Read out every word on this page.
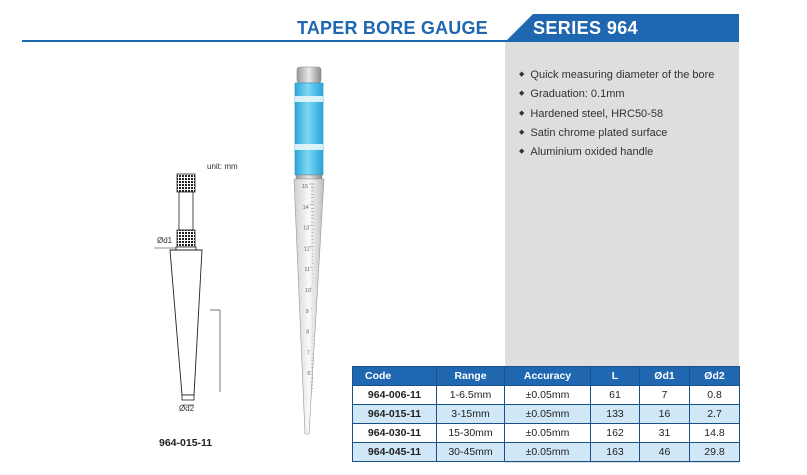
TAPER BORE GAUGE	SERIES 964
unit: mm
Ød1
Ød2
964-015-11
15
14
13
12
11
10
9
8
7
6
◆ Quick measuring diameter of the bore
◆ Graduation: 0.1mm
◆ Hardened steel, HRC50-58
◆ Satin chrome plated surface
◆ Aluminium oxided handle
Code	Range	Accuracy	L	Ød1	Ød2
964-006-11	1-6.5mm	±0.05mm	61	7	0.8
964-015-11	3-15mm	±0.05mm	133	16	2.7
964-030-11	15-30mm	±0.05mm	162	31	14.8
964-045-11	30-45mm	±0.05mm	163	46	29.8
